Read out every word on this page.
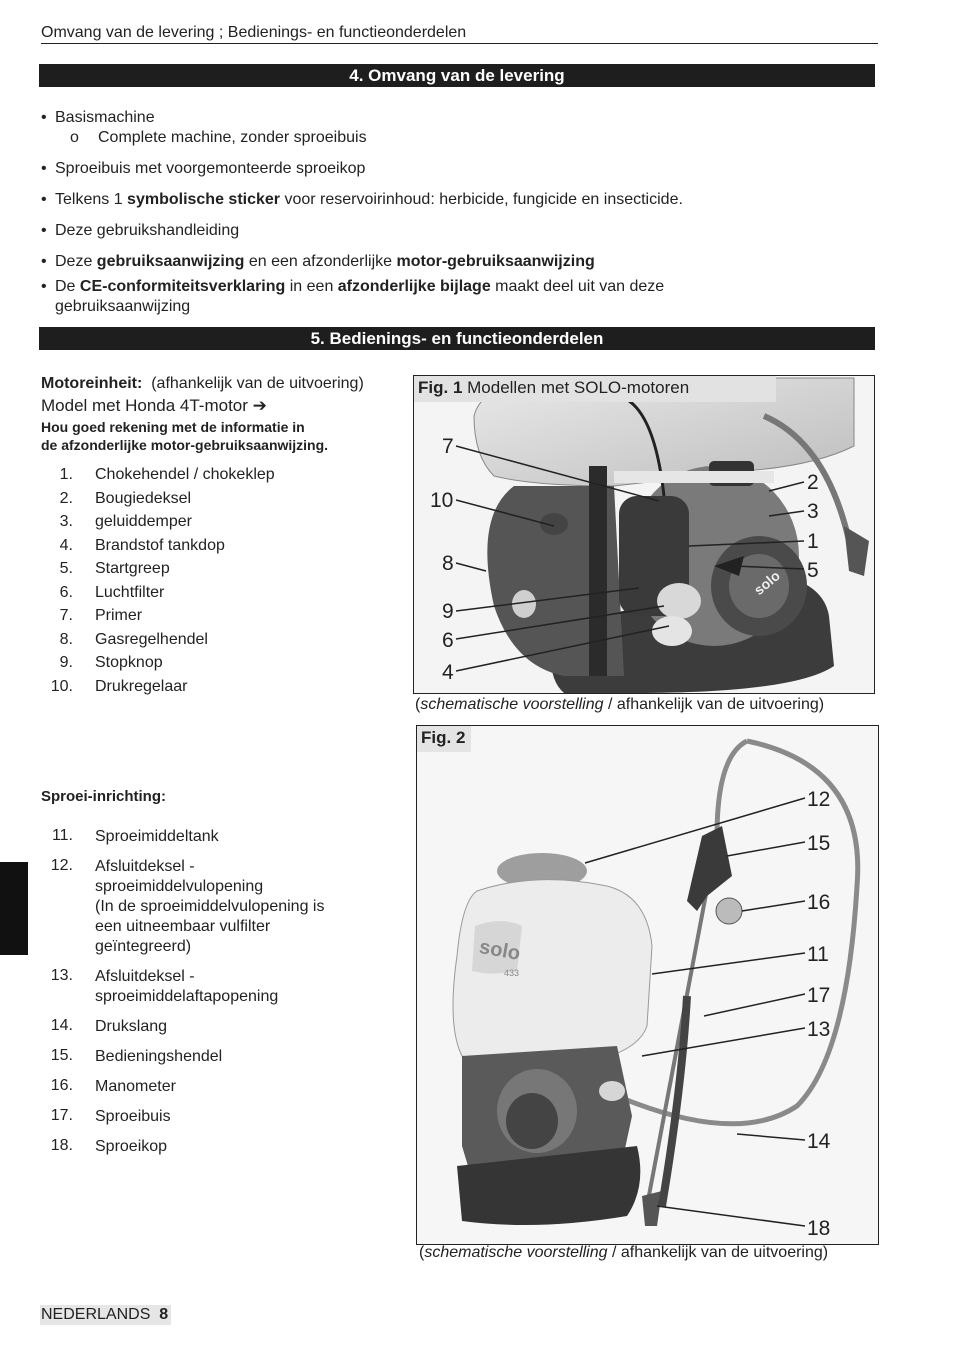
Omvang van de levering ; Bedienings- en functieonderdelen
4. Omvang van de levering
• Basismachine
o Complete machine, zonder sproeibuis
• Sproeibuis met voorgemonteerde sproeikop
• Telkens 1 symbolische sticker voor reservoirinhoud: herbicide, fungicide en insecticide.
• Deze gebruikshandleiding
• Deze gebruiksaanwijzing en een afzonderlijke motor-gebruiksaanwijzing
• De CE-conformiteitsverklaring in een afzonderlijke bijlage maakt deel uit van deze
gebruiksaanwijzing
5. Bedienings- en functieonderdelen
Motoreinheit: (afhankelijk van de uitvoering)
Model met Honda 4T-motor ➔
Hou goed rekening met de informatie in
de afzonderlijke motor-gebruiksaanwijzing.
1. Chokehendel / chokeklep
2. Bougiedeksel
3. geluiddemper
4. Brandstof tankdop
5. Startgreep
6. Luchtfilter
7. Primer
8. Gasregelhendel
9. Stopknop
10. Drukregelaar
Sproei-inrichting:
11. Sproeimiddeltank
12. Afsluitdeksel -
sproeimiddelvulopening
(In de sproeimiddelvulopening is
een uitneembaar vulfilter
geïntegreerd)
13. Afsluitdeksel -
sproeimiddelaftapopening
14. Drukslang
15. Bedieningshendel
16. Manometer
17. Sproeibuis
18. Sproeikop
solo
7
10
8
9
6
4
2
3
1
5
Fig. 1 Modellen met SOLO-motoren
(schematische voorstelling / afhankelijk van de uitvoering)
solo
433
12
15
16
11
17
13
14
18
Fig. 2
(schematische voorstelling / afhankelijk van de uitvoering)
NEDERLANDS 8
